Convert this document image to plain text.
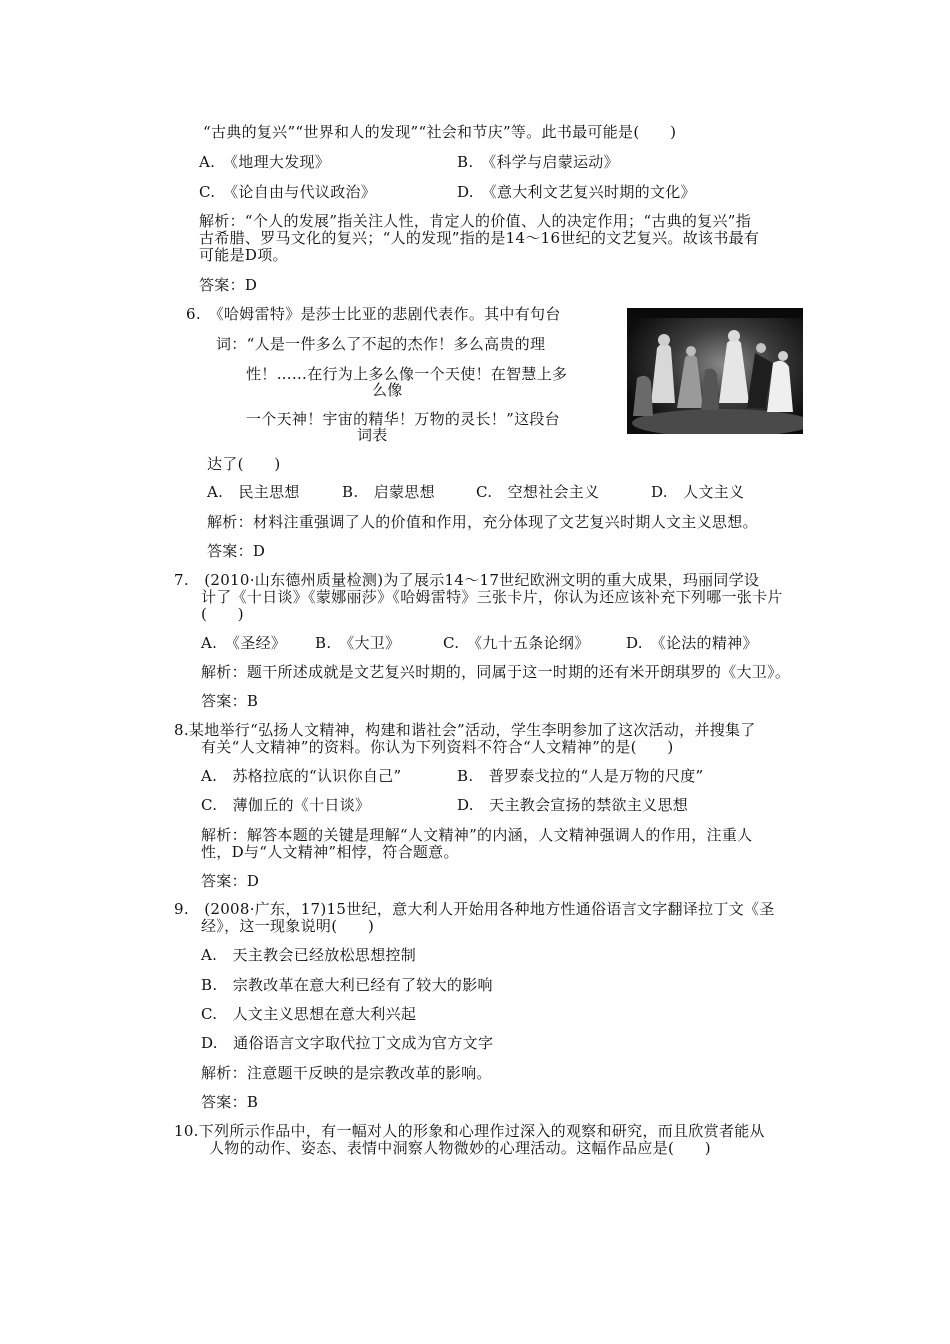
“古典的复兴”“世界和人的发现”“社会和节庆”等。此书最可能是(　　)
A.　《地理大发现》	B.　《科学与启蒙运动》
C.　《论自由与代议政治》	D.　《意大利文艺复兴时期的文化》
解析：“个人的发展”指关注人性，肯定人的价值、人的决定作用；“古典的复兴”指
古希腊、罗马文化的复兴；“人的发现”指的是14～16世纪的文艺复兴。故该书最有
可能是D项。
答案：D
6.　《哈姆雷特》是莎士比亚的悲剧代表作。其中有句台
词：“人是一件多么了不起的杰作！多么高贵的理
性！……在行为上多么像一个天使！在智慧上多
么像
一个天神！宇宙的精华！万物的灵长！”这段台
词表
达了(　　)
A.　民主思想	B.　启蒙思想	C.　空想社会主义	D.　人文主义
解析：材料注重强调了人的价值和作用，充分体现了文艺复兴时期人文主义思想。
答案：D
7.　(2010·山东德州质量检测)为了展示14～17世纪欧洲文明的重大成果，玛丽同学设
计了《十日谈》《蒙娜丽莎》《哈姆雷特》三张卡片，你认为还应该补充下列哪一张卡片
(　　)
A.　《圣经》 B.　《大卫》	C.　《九十五条论纲》 D.　《论法的精神》
解析：题干所述成就是文艺复兴时期的，同属于这一时期的还有米开朗琪罗的《大卫》。
答案：B
8.某地举行“弘扬人文精神，构建和谐社会”活动，学生李明参加了这次活动，并搜集了
有关“人文精神”的资料。你认为下列资料不符合“人文精神”的是(　　)
A.　苏格拉底的“认识你自己”	B.　普罗泰戈拉的“人是万物的尺度”
C.　薄伽丘的《十日谈》	D.　天主教会宣扬的禁欲主义思想
解析：解答本题的关键是理解“人文精神”的内涵，人文精神强调人的作用，注重人
性，D与“人文精神”相悖，符合题意。
答案：D
9.　(2008·广东，17)15世纪，意大利人开始用各种地方性通俗语言文字翻译拉丁文《圣
经》，这一现象说明(　　)
A.　天主教会已经放松思想控制
B.　宗教改革在意大利已经有了较大的影响
C.　人文主义思想在意大利兴起
D.　通俗语言文字取代拉丁文成为官方文字
解析：注意题干反映的是宗教改革的影响。
答案：B
10.下列所示作品中，有一幅对人的形象和心理作过深入的观察和研究，而且欣赏者能从
人物的动作、姿态、表情中洞察人物微妙的心理活动。这幅作品应是(　　)
